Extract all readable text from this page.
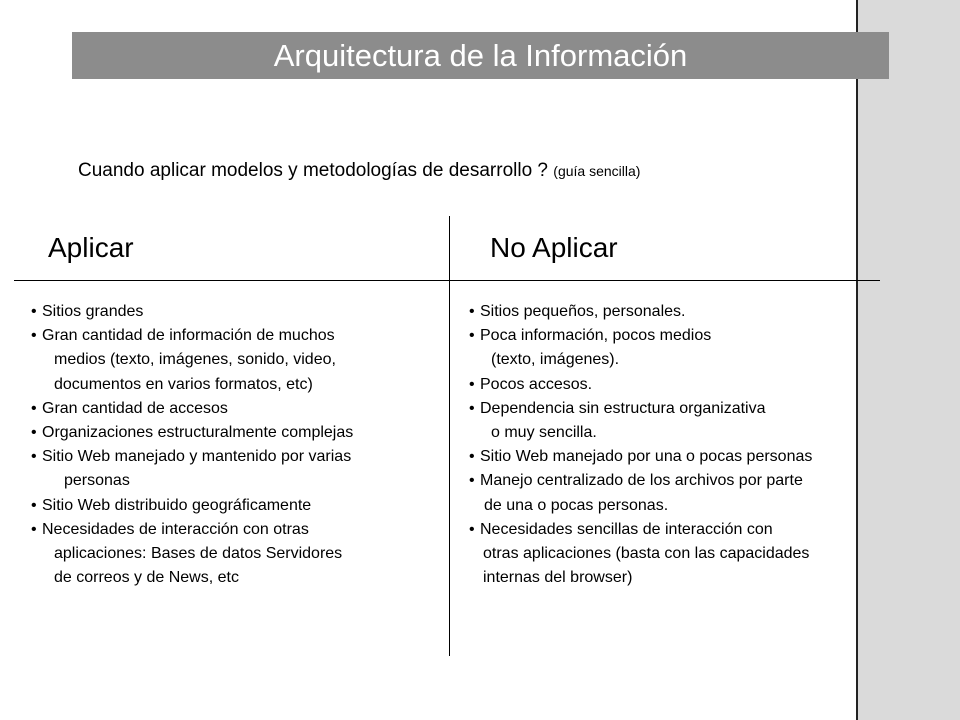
Arquitectura de la Información
Cuando aplicar modelos y metodologías de desarrollo ? (guía sencilla)
Aplicar	No Aplicar
• Sitios grandes
• Gran cantidad de información de muchos
medios (texto, imágenes, sonido, video,
documentos en varios formatos, etc)
• Gran cantidad de accesos
• Organizaciones estructuralmente complejas
• Sitio Web manejado y mantenido por varias
personas
• Sitio Web distribuido geográficamente
• Necesidades de interacción con otras
aplicaciones: Bases de datos Servidores
de correos y de News, etc
• Sitios pequeños, personales.
• Poca información, pocos medios
(texto, imágenes).
• Pocos accesos.
• Dependencia sin estructura organizativa
o muy sencilla.
• Sitio Web manejado por una o pocas personas
• Manejo centralizado de los archivos por parte
de una o pocas personas.
• Necesidades sencillas de interacción con
otras aplicaciones (basta con las capacidades
internas del browser)
